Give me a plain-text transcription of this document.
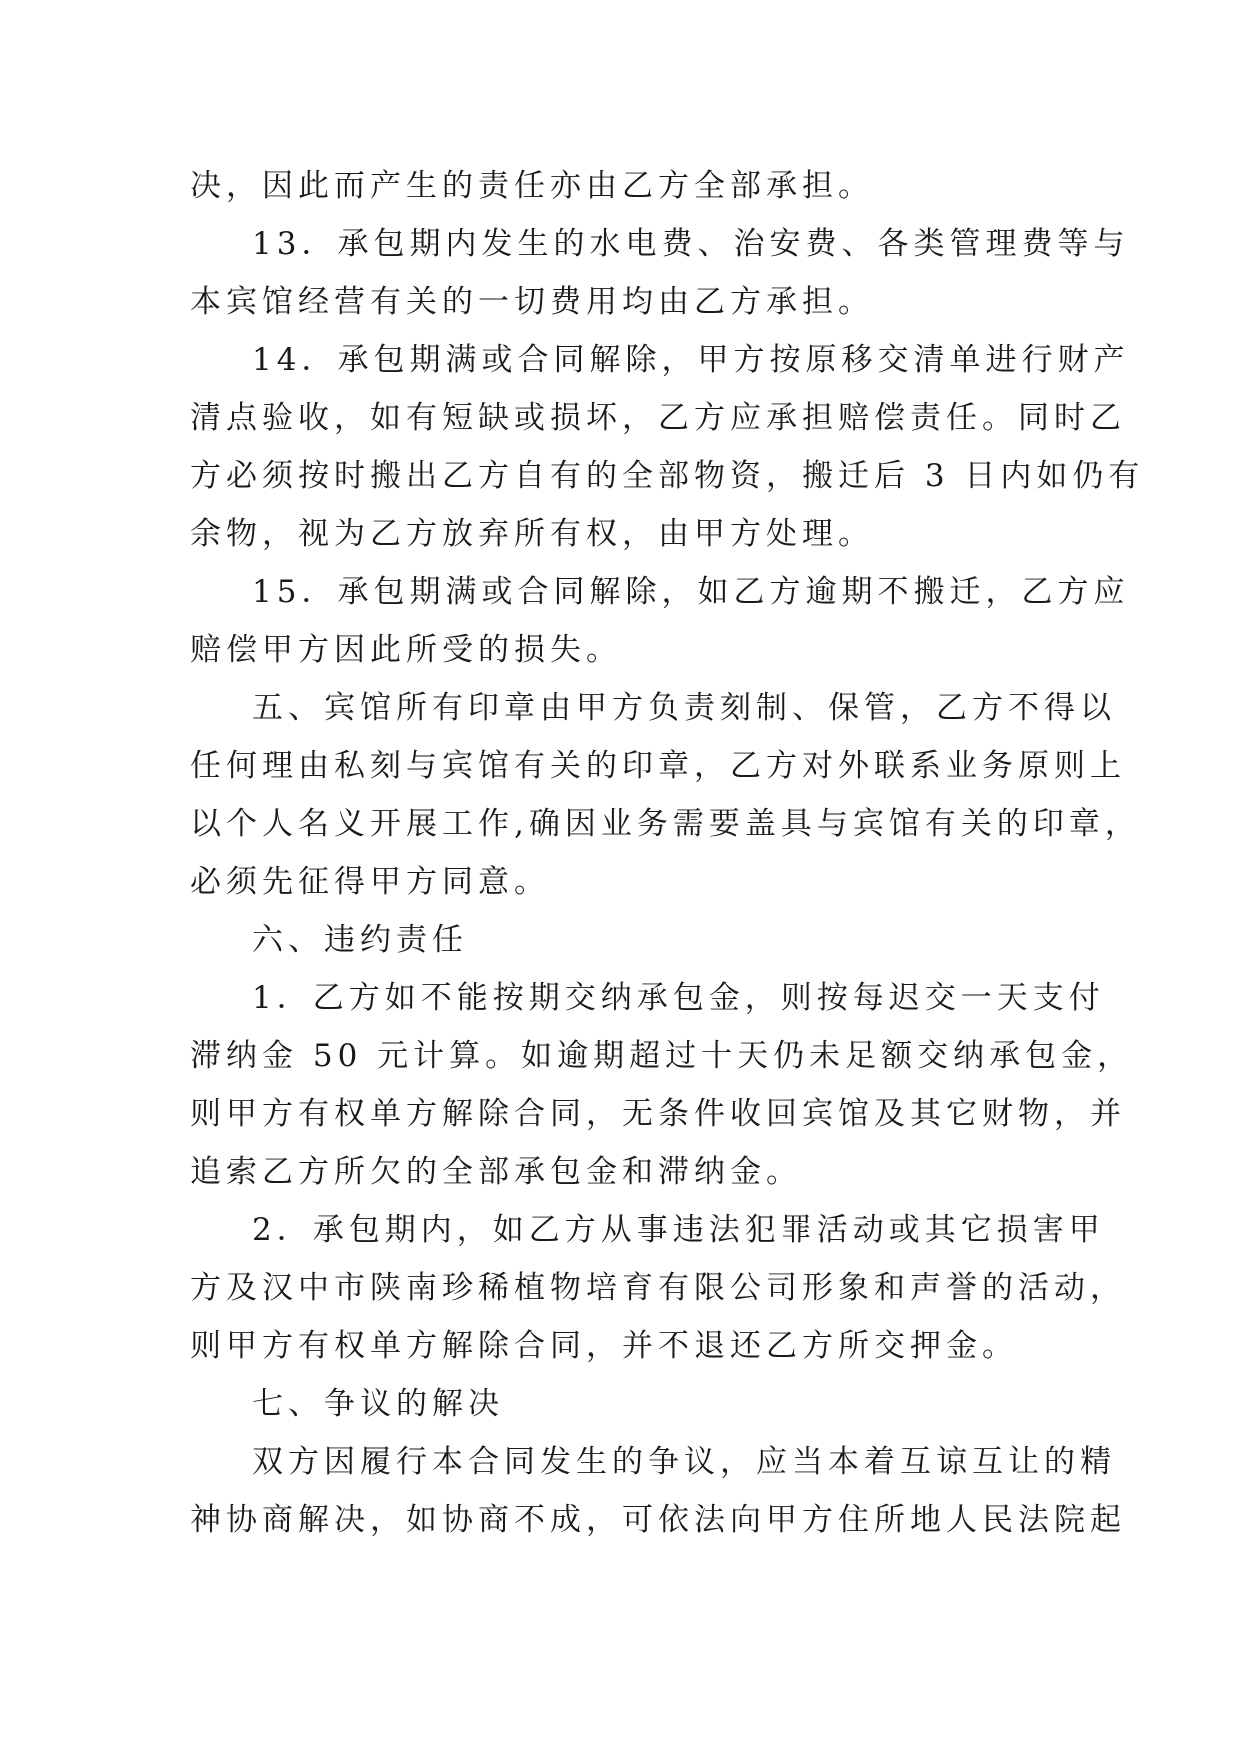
决，因此而产生的责任亦由乙方全部承担。
13．承包期内发生的水电费、治安费、各类管理费等与
本宾馆经营有关的一切费用均由乙方承担。
14．承包期满或合同解除，甲方按原移交清单进行财产
清点验收，如有短缺或损坏，乙方应承担赔偿责任。同时乙
方必须按时搬出乙方自有的全部物资，搬迁后 3 日内如仍有
余物，视为乙方放弃所有权，由甲方处理。
15．承包期满或合同解除，如乙方逾期不搬迁，乙方应
赔偿甲方因此所受的损失。
五、宾馆所有印章由甲方负责刻制、保管，乙方不得以
任何理由私刻与宾馆有关的印章，乙方对外联系业务原则上
以个人名义开展工作,确因业务需要盖具与宾馆有关的印章，
必须先征得甲方同意。
六、违约责任
1．乙方如不能按期交纳承包金，则按每迟交一天支付
滞纳金 50 元计算。如逾期超过十天仍未足额交纳承包金，
则甲方有权单方解除合同，无条件收回宾馆及其它财物，并
追索乙方所欠的全部承包金和滞纳金。
2．承包期内，如乙方从事违法犯罪活动或其它损害甲
方及汉中市陕南珍稀植物培育有限公司形象和声誉的活动，
则甲方有权单方解除合同，并不退还乙方所交押金。
七、争议的解决
双方因履行本合同发生的争议，应当本着互谅互让的精
神协商解决，如协商不成，可依法向甲方住所地人民法院起
